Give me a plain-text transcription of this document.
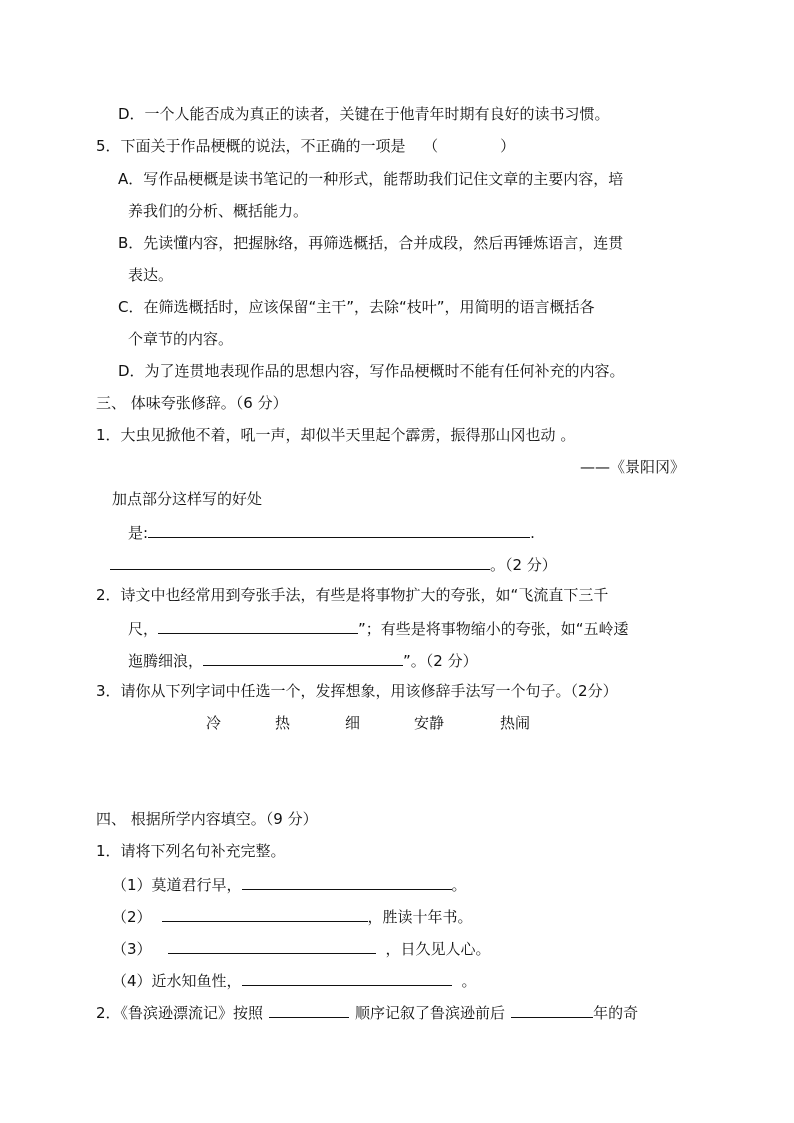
D．一个人能否成为真正的读者，关键在于他青年时期有良好的读书习惯。
5．下面关于作品梗概的说法，不正确的一项是 （	）
A．写作品梗概是读书笔记的一种形式，能帮助我们记住文章的主要内容，培
养我们的分析、概括能力。
B．先读懂内容，把握脉络，再筛选概括，合并成段，然后再锤炼语言，连贯
表达。
C．在筛选概括时，应该保留“主干”，去除“枝叶”，用简明的语言概括各
个章节的内容。
D．为了连贯地表现作品的思想内容，写作品梗概时不能有任何补充的内容。
三、 体味夸张修辞。（6 分）
1．大虫见掀他不着，吼一声，却似半天里起个霹雳，振得那山冈也动 。
——《景阳冈》
加点部分这样写的好处
是:	.
。（2 分）
2．诗文中也经常用到夸张手法，有些是将事物扩大的夸张，如“飞流直下三千
尺，	”；有些是将事物缩小的夸张，如“五岭逶
迤腾细浪，	”。（2 分）
3．请你从下列字词中任选一个，发挥想象，用该修辞手法写一个句子。（2分）
冷	热	细	安静	热闹
四、 根据所学内容填空。（9 分）
1．请将下列名句补充完整。
（1）莫道君行早，	。
（2）	，胜读十年书。
（3）	，日久见人心。
（4）近水知鱼性，	。
2．《鲁滨逊漂流记》按照	顺序记叙了鲁滨逊前后	年的奇
